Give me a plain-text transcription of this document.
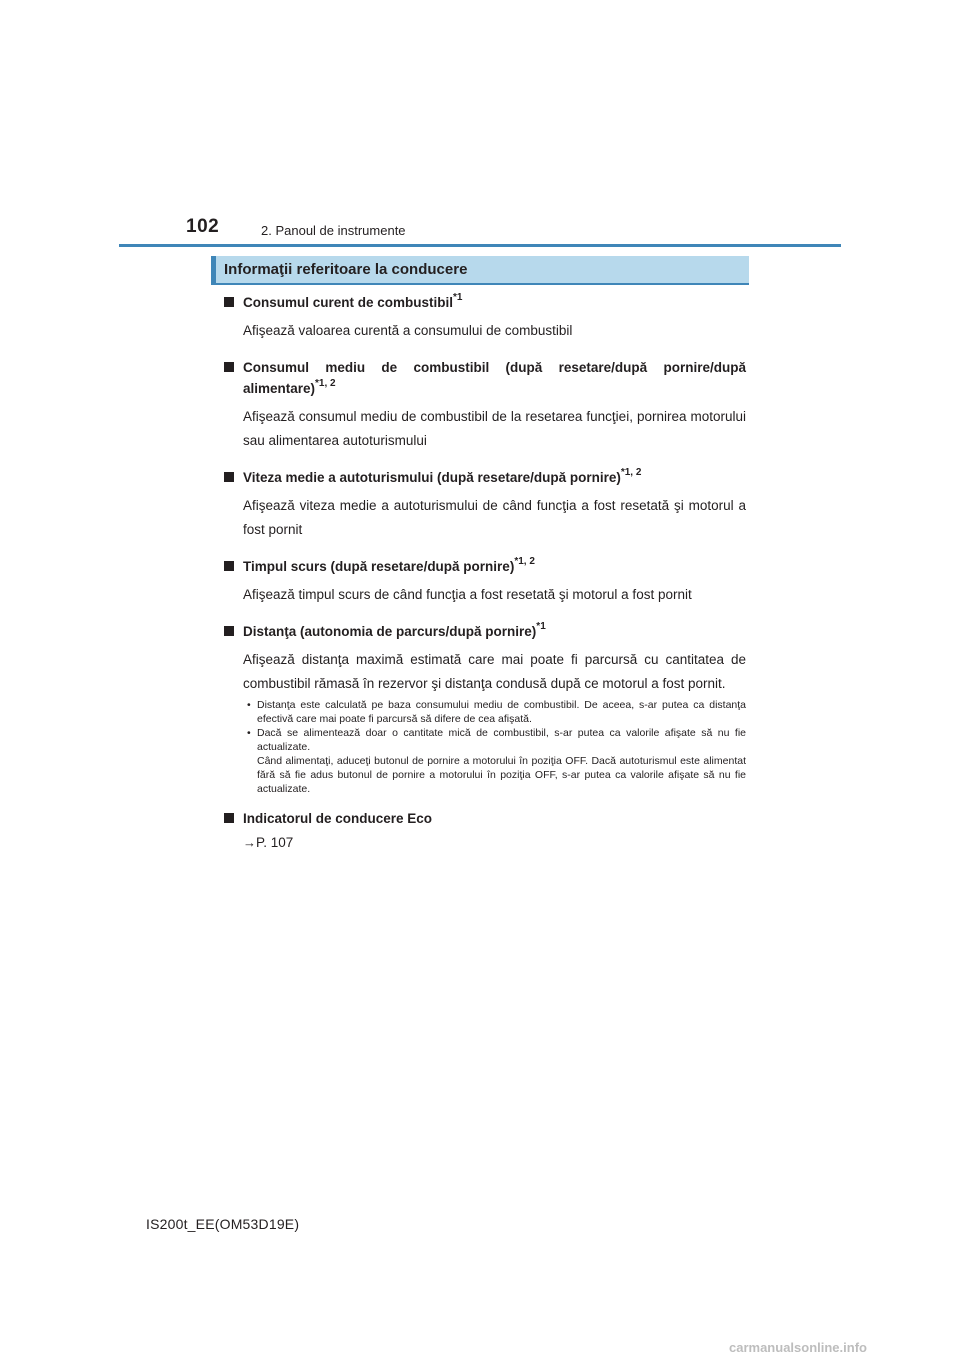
102	2. Panoul de instrumente
Informaţii referitoare la conducere
Consumul curent de combustibil$^{*1}$
Afişează valoarea curentă a consumului de combustibil
Consumul mediu de combustibil (după resetare/după pornire/după alimentare)$^{*1, 2}$
Afişează consumul mediu de combustibil de la resetarea funcţiei, pornirea motorului sau alimentarea autoturismului
Viteza medie a autoturismului (după resetare/după pornire)$^{*1, 2}$
Afişează viteza medie a autoturismului de când funcţia a fost resetată şi motorul a fost pornit
Timpul scurs (după resetare/după pornire)$^{*1, 2}$
Afişează timpul scurs de când funcţia a fost resetată şi motorul a fost pornit
Distanţa (autonomia de parcurs/după pornire)$^{*1}$
Afişează distanţa maximă estimată care mai poate fi parcursă cu cantitatea de combustibil rămasă în rezervor şi distanţa condusă după ce motorul a fost pornit.
• Distanţa este calculată pe baza consumului mediu de combustibil. De aceea, s-ar putea ca distanţa efectivă care mai poate fi parcursă să difere de cea afişată.
• Dacă se alimentează doar o cantitate mică de combustibil, s-ar putea ca valorile afişate să nu fie actualizate.
Când alimentaţi, aduceţi butonul de pornire a motorului în poziţia OFF. Dacă autoturismul este alimentat fără să fie adus butonul de pornire a motorului în poziţia OFF, s-ar putea ca valorile afişate să nu fie actualizate.
Indicatorul de conducere Eco
→P. 107
IS200t_EE(OM53D19E)
carmanualsonline.info
